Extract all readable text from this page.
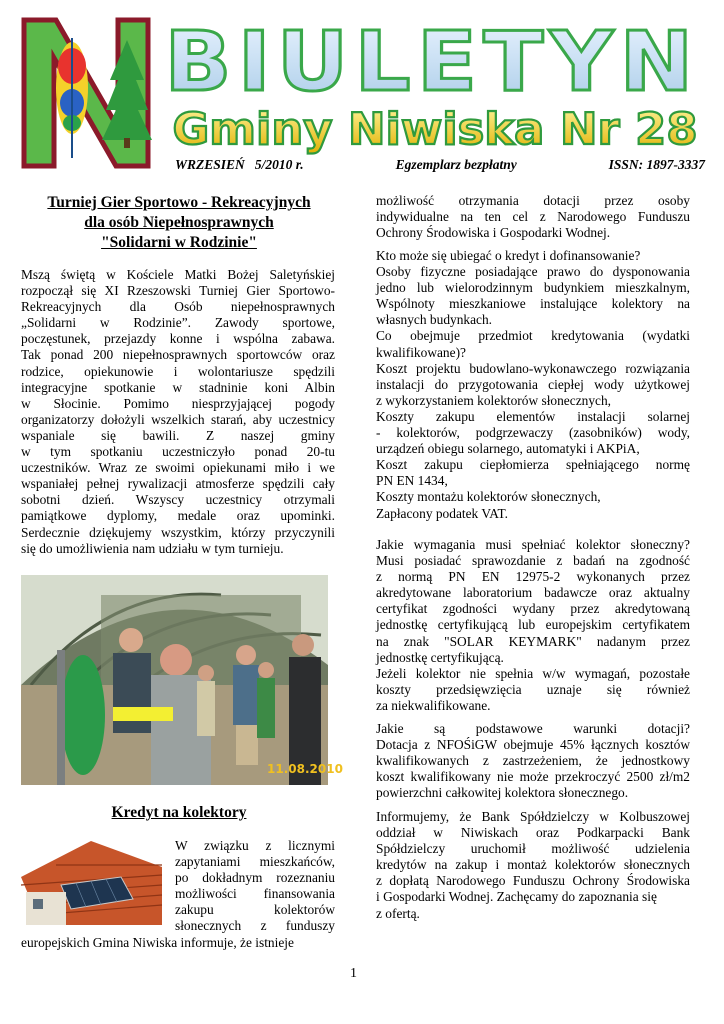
BIULETYN
Gminy Niwiska Nr 28
WRZESIEŃ   5/2010 r.	Egzemplarz bezpłatny	ISSN: 1897-3337
Turniej Gier Sportowo - Rekreacyjnych
dla osób Niepełnosprawnych
"Solidarni w Rodzinie"
Mszą świętą w Kościele Matki Bożej Saletyńskiej
rozpoczął się XI Rzeszowski Turniej Gier Sportowo-
Rekreacyjnych dla Osób niepełnosprawnych
„Solidarni w Rodzinie”. Zawody sportowe,
poczęstunek, przejazdy konne i wspólna zabawa.
Tak ponad 200 niepełnosprawnych sportowców oraz
rodzice, opiekunowie i wolontariusze spędzili
integracyjne spotkanie w stadninie koni Albin
w Słocinie. Pomimo niesprzyjającej pogody
organizatorzy dołożyli wszelkich starań, aby uczestnicy
wspaniale się bawili. Z naszej gminy
w tym spotkaniu uczestniczyło ponad 20-tu
uczestników. Wraz ze swoimi opiekunami miło i we
wspaniałej pełnej rywalizacji atmosferze spędzili cały
sobotni dzień. Wszyscy uczestnicy otrzymali
pamiątkowe dyplomy, medale oraz upominki.
Serdecznie dziękujemy wszystkim, którzy przyczynili
się do umożliwienia nam udziału w tym turnieju.
11.08.2010
Kredyt na kolektory
W związku z licznymi
zapytaniami mieszkańców,
po dokładnym rozeznaniu
możliwości finansowania
zakupu kolektorów
słonecznych z funduszy
europejskich Gmina Niwiska informuje, że istnieje
możliwość otrzymania dotacji przez osoby
indywidualne na ten cel z Narodowego Funduszu
Ochrony Środowiska i Gospodarki Wodnej.
Kto może się ubiegać o kredyt i dofinansowanie?
Osoby fizyczne posiadające prawo do dysponowania
jedno lub wielorodzinnym budynkiem mieszkalnym,
Wspólnoty mieszkaniowe instalujące kolektory na
własnych budynkach.
Co obejmuje przedmiot kredytowania (wydatki
kwalifikowane)?
Koszt projektu budowlano-wykonawczego rozwiązania
instalacji do przygotowania ciepłej wody użytkowej
z wykorzystaniem kolektorów słonecznych,
Koszty zakupu elementów instalacji solarnej
- kolektorów, podgrzewaczy (zasobników) wody,
urządzeń obiegu solarnego, automatyki i AKPiA,
Koszt zakupu ciepłomierza spełniającego normę
PN EN 1434,
Koszty montażu kolektorów słonecznych,
Zapłacony podatek VAT.
Jakie wymagania musi spełniać kolektor słoneczny?
Musi posiadać sprawozdanie z badań na zgodność
z normą PN EN 12975-2 wykonanych przez
akredytowane laboratorium badawcze oraz aktualny
certyfikat zgodności wydany przez akredytowaną
jednostkę certyfikującą lub europejskim certyfikatem
na znak "SOLAR KEYMARK" nadanym przez
jednostkę certyfikującą.
Jeżeli kolektor nie spełnia w/w wymagań, pozostałe
koszty przedsięwzięcia uznaje się również
za niekwalifikowane.
Jakie są podstawowe warunki dotacji?
Dotacja z NFOŚiGW obejmuje 45% łącznych kosztów
kwalifikowanych z zastrzeżeniem, że jednostkowy
koszt kwalifikowany nie może przekroczyć 2500 zł/m2
powierzchni całkowitej kolektora słonecznego.
Informujemy, że Bank Spółdzielczy w Kolbuszowej
oddział w Niwiskach oraz Podkarpacki Bank
Spółdzielczy uruchomił możliwość udzielenia
kredytów na zakup i montaż kolektorów słonecznych
z dopłatą Narodowego Funduszu Ochrony Środowiska
i Gospodarki Wodnej. Zachęcamy do zapoznania się
z ofertą.
1
